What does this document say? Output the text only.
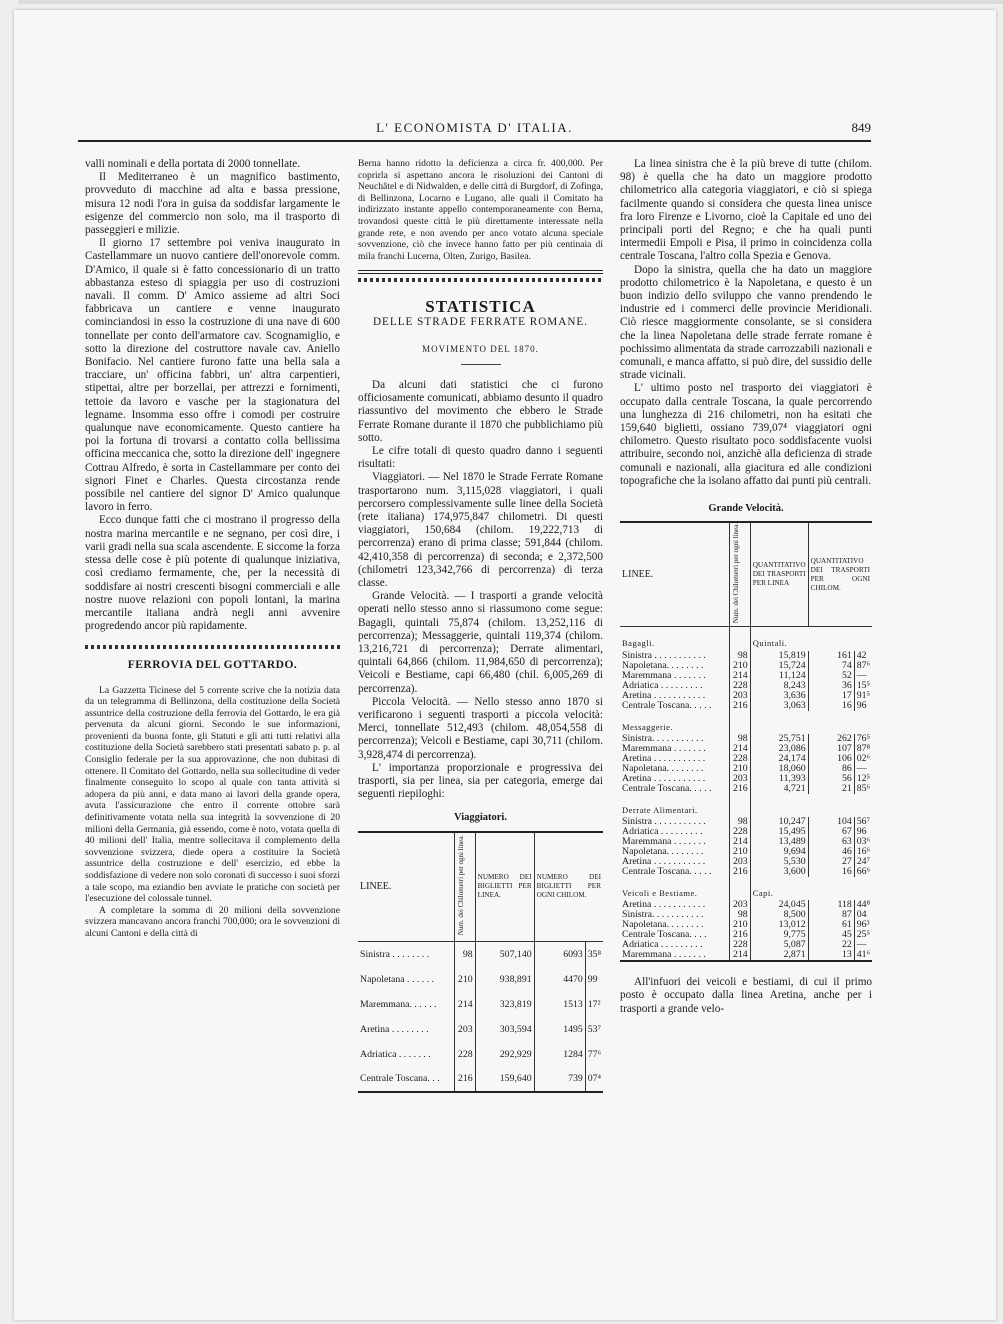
L' ECONOMISTA D' ITALIA.	849

valli nominali e della portata di 2000 tonnellate.

Il Mediterraneo è un magnifico bastimento, provveduto di macchine ad alta e bassa pressione, misura 12 nodi l'ora in guisa da soddisfar largamente le esigenze del commercio non solo, ma il trasporto di passeggieri e milizie.

Il giorno 17 settembre poi veniva inaugurato in Castellammare un nuovo cantiere dell'onorevole comm. D'Amico, il quale si è fatto concessionario di un tratto abbastanza esteso di spiaggia per uso di costruzioni navali. Il comm. D' Amico assieme ad altri Soci fabbricava un cantiere e venne inaugurato cominciandosi in esso la costruzione di una nave di 600 tonnellate per conto dell'armatore cav. Scognamiglio, e sotto la direzione del costruttore navale cav. Aniello Bonifacio. Nel cantiere furono fatte una bella sala a tracciare, un' officina fabbri, un' altra carpentieri, stipettai, altre per borzellai, per attrezzi e fornimenti, tettoie da lavoro e vasche per la stagionatura del legname. Insomma esso offre i comodi per costruire qualunque nave economicamente. Questo cantiere ha poi la fortuna di trovarsi a contatto colla bellissima officina meccanica che, sotto la direzione dell' ingegnere Cottrau Alfredo, è sorta in Castellammare per conto dei signori Finet e Charles. Questa circostanza rende possibile nel cantiere del signor D' Amico qualunque lavoro in ferro.

Ecco dunque fatti che ci mostrano il progresso della nostra marina mercantile e ne segnano, per così dire, i varii gradi nella sua scala ascendente. E siccome la forza stessa delle cose è più potente di qualunque iniziativa, così crediamo fermamente, che, per la necessità di soddisfare ai nostri crescenti bisogni commerciali e alle nostre nuove relazioni con popoli lontani, la marina mercantile italiana andrà negli anni avvenire progredendo ancor più rapidamente.

FERROVIA DEL GOTTARDO.

La Gazzetta Ticinese del 5 corrente scrive che la notizia data da un telegramma di Bellinzona, della costituzione della Società assuntrice della costruzione della ferrovia del Gottardo, le era già pervenuta da alcuni giorni. Secondo le sue informazioni, provenienti da buona fonte, gli Statuti e gli atti tutti relativi alla costituzione della Società sarebbero stati presentati sabato p. p. al Consiglio federale per la sua approvazione, che non dubitasi di ottenere. Il Comitato del Gottardo, nella sua sollecitudine di veder finalmente conseguito lo scopo al quale con tanta attività si adopera da più anni, e data mano ai lavori della grande opera, avuta l'assicurazione che entro il corrente ottobre sarà definitivamente votata nella sua integrità la sovvenzione di 20 milioni della Germania, già essendo, come è noto, votata quella di 40 milioni dell' Italia, mentre sollecitava il complemento della sovvenzione svizzera, diede opera a costituire la Società assuntrice della costruzione e dell' esercizio, ed ebbe la soddisfazione di vedere non solo coronati di successo i suoi sforzi a tale scopo, ma eziandio ben avviate le pratiche con società per l'esecuzione del colossale tunnel.

A completare la somma di 20 milioni della sovvenzione svizzera mancavano ancora franchi 700,000; ora le sovvenzioni di alcuni Cantoni e della città di

Berna hanno ridotto la deficienza a circa fr. 400,000. Per coprirla si aspettano ancora le risoluzioni dei Cantoni di Neuchâtel e di Nidwalden, e delle città di Burgdorf, di Zofinga, di Bellinzona, Locarno e Lugano, alle quali il Comitato ha indirizzato instante appello contemporaneamente con Berna, trovandosi queste città le più direttamente interessate nella grande rete, e non avendo per anco votato alcuna speciale sovvenzione, ciò che invece hanno fatto per più centinaia di mila franchi Lucerna, Olten, Zurigo, Basilea.

STATISTICA
DELLE STRADE FERRATE ROMANE.
MOVIMENTO DEL 1870.

Da alcuni dati statistici che ci furono officiosamente comunicati, abbiamo desunto il quadro riassuntivo del movimento che ebbero le Strade Ferrate Romane durante il 1870 che pubblichiamo più sotto.

Le cifre totali di questo quadro danno i seguenti risultati:

Viaggiatori. — Nel 1870 le Strade Ferrate Romane trasportarono num. 3,115,028 viaggiatori, i quali percorsero complessivamente sulle linee della Società (rete italiana) 174,975,847 chilometri. Di questi viaggiatori, 150,684 (chilom. 19,222,713 di percorrenza) erano di prima classe; 591,844 (chilom. 42,410,358 di percorrenza) di seconda; e 2,372,500 (chilometri 123,342,766 di percorrenza) di terza classe.

Grande Velocità. — I trasporti a grande velocità operati nello stesso anno si riassumono come segue: Bagagli, quintali 75,874 (chilom. 13,252,116 di percorrenza); Messaggerie, quintali 119,374 (chilom. 13,216,721 di percorrenza); Derrate alimentari, quintali 64,866 (chilom. 11,984,650 di percorrenza); Veicoli e Bestiame, capi 66,480 (chil. 6,005,269 di percorrenza).

Piccola Velocità. — Nello stesso anno 1870 si verificarono i seguenti trasporti a piccola velocità: Merci, tonnellate 512,493 (chilom. 48,054,558 di percorrenza); Veicoli e Bestiame, capi 30,711 (chilom. 3,928,474 di percorrenza).

L' importanza proporzionale e progressiva dei trasporti, sia per linea, sia per categoria, emerge dai seguenti riepiloghi:

Viaggiatori.
LINEE.	Num. dei Chilometri per ogni linea.	NUMERO DEI BIGLIETTI PER LINEA.	NUMERO DEI BIGLIETTI PER OGNI CHILOM.	
Sinistra . . . . . . . .	98	507,140	6093	35⁸
Napoletana . . . . . .	210	938,891	4470	99
Maremmana. . . . . .	214	323,819	1513	17²
Aretina . . . . . . . .	203	303,594	1495	53⁷
Adriatica . . . . . . .	228	292,929	1284	77⁶
Centrale Toscana. . .	216	159,640	739	07⁴

La linea sinistra che è la più breve di tutte (chilom. 98) è quella che ha dato un maggiore prodotto chilometrico alla categoria viaggiatori, e ciò si spiega facilmente quando si considera che questa linea unisce fra loro Firenze e Livorno, cioè la Capitale ed uno dei principali porti del Regno; e che ha quali punti intermedii Empoli e Pisa, il primo in coincidenza colla centrale Toscana, l'altro colla Spezia e Genova.

Dopo la sinistra, quella che ha dato un maggiore prodotto chilometrico è la Napoletana, e questo è un buon indizio dello sviluppo che vanno prendendo le industrie ed i commerci delle provincie Meridionali. Ciò riesce maggiormente consolante, se si considera che la linea Napoletana delle strade ferrate romane è pochissimo alimentata da strade carrozzabili nazionali e comunali, e manca affatto, si può dire, del sussidio delle strade vicinali.

L' ultimo posto nel trasporto dei viaggiatori è occupato dalla centrale Toscana, la quale percorrendo una lunghezza di 216 chilometri, non ha esitati che 159,640 biglietti, ossiano 739,07⁴ viaggiatori ogni chilometro. Questo risultato poco soddisfacente vuolsi attribuire, secondo noi, anzichè alla deficienza di strade comunali e nazionali, alla giacitura ed alle condizioni topografiche che la isolano affatto dai punti più centrali.

Grande Velocità.
LINEE.	Num. dei Chilometri per ogni linea.	QUANTITATIVO DEI TRASPORTI PER LINEA	QUANTITATIVO DEI TRASPORTI PER OGNI CHILOM.	
Bagagli.		Quintali.		
Sinistra . . . . . . . . . . .	98	15,819	161	42
Napoletana. . . . . . . .	210	15,724	74	87⁶
Maremmana . . . . . . .	214	11,124	52	—
Adriatica . . . . . . . . .	228	8,243	36	15⁵
Aretina . . . . . . . . . . .	203	3,636	17	91⁵
Centrale Toscana. . . . .	216	3,063	16	96
Messaggerie.				
Sinistra. . . . . . . . . . .	98	25,751	262	76⁵
Maremmana . . . . . . .	214	23,086	107	87⁸
Aretina . . . . . . . . . . .	228	24,174	106	02⁶
Napoletana. . . . . . . .	210	18,060	86	—
Aretina . . . . . . . . . . .	203	11,393	56	12⁵
Centrale Toscana. . . . .	216	4,721	21	85⁶
Derrate Alimentari.				
Sinistra . . . . . . . . . . .	98	10,247	104	56⁷
Adriatica . . . . . . . . .	228	15,495	67	96
Maremmana . . . . . . .	214	13,489	63	03⁶
Napoletana. . . . . . . .	210	9,694	46	16⁶
Aretina . . . . . . . . . . .	203	5,530	27	24⁷
Centrale Toscana. . . . .	216	3,600	16	66⁶
Veicoli e Bestiame.		Capi.		
Aretina . . . . . . . . . . .	203	24,045	118	44⁸
Sinistra. . . . . . . . . . .	98	8,500	87	04
Napoletana. . . . . . . .	210	13,012	61	96³
Centrale Toscana. . . .	216	9,775	45	25⁵
Adriatica . . . . . . . . .	228	5,087	22	—
Maremmana . . . . . . .	214	2,871	13	41⁶

All'infuori dei veicoli e bestiami, di cui il primo posto è occupato dalla linea Aretina, anche per i trasporti a grande velo-
